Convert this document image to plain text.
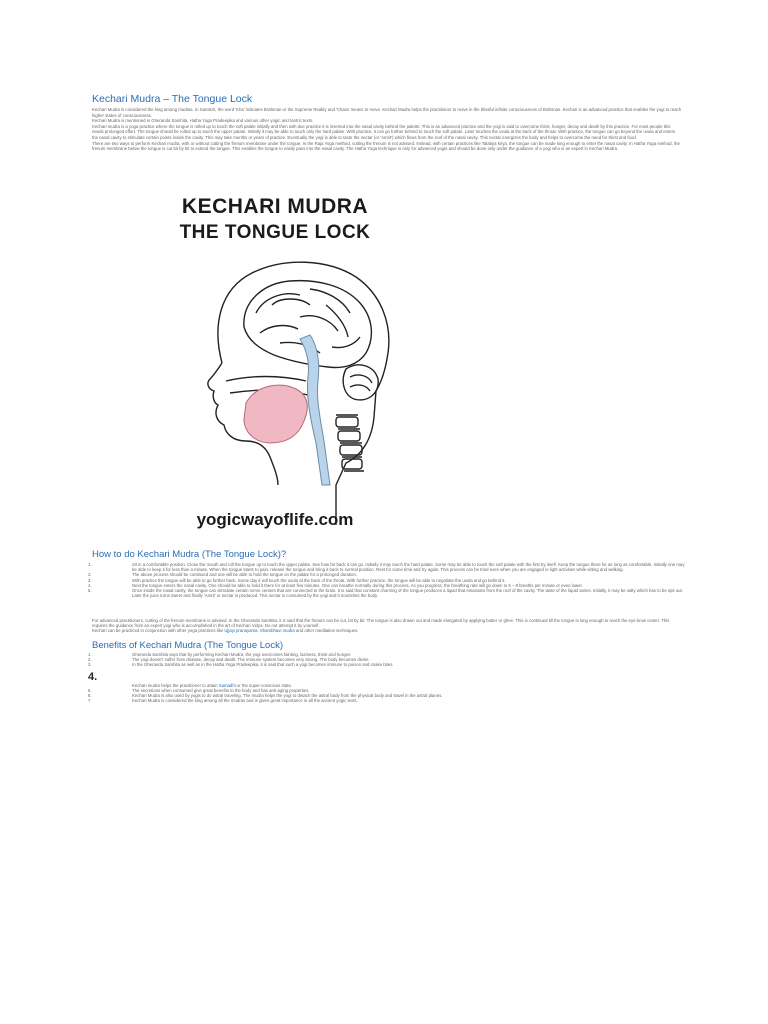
Kechari Mudra – The Tongue Lock

Kechari Mudra is considered the king among mudras. In Sanskrit, the word 'Kha' indicates Brahman or the Supreme Reality and 'Chara' means to move. Kechari Mudra helps the practitioner to move in the blissful infinite consciousness of Brahman. Kechari is an advanced practice that enables the yogi to reach higher states of consciousness.

Kechari Mudra is mentioned in Gheranda Samhita, Hatha Yoga Pradeepika and various other yogic and tantric texts.

Kechari mudra is a yoga practice where the tongue is rolled up to touch the soft palate initially and then with due practice it is inserted into the nasal cavity behind the palette. This is an advanced practice and the yogi is said to overcome thirst, hunger, decay and death by this practice. For most people this needs prolonged effort. The tongue should be rolled up to touch the upper palate. Initially it may be able to touch only the hard palate. With practice, it can go further behind to touch the soft palate. Later touches the uvula at the back of the throat. With practice, the tongue can go beyond the uvula and enters the nasal cavity to stimulate certain points inside the cavity. This may take months or years of practice. Eventually the yogi is able to taste the nectar (or 'Amrit') which flows from the roof of the nasal cavity. This nectar energizes the body and helps to overcome the need for thirst and food.

There are two ways to perform Kechari mudra, with or without cutting the frenum membrane under the tongue. In the Raja Yoga method, cutting the frenum is not advised. Instead, with certain practices like Talabya kriya, the tongue can be made long enough to enter the nasal cavity. In Hatha Yoga method, the frenum membrane below the tongue is cut bit by bit to extend the tongue. This enables the tongue to easily pass into the nasal cavity. The Hatha Yoga technique is only for advanced yogis and should be done only under the guidance of a yogi who is an expert in Kechari Mudra.

KECHARI MUDRA
THE TONGUE LOCK
yogicwayoflife.com
How to do Kechari Mudra (The Tongue Lock)?
1.	Sit in a comfortable position. Close the mouth and roll the tongue up to touch the upper palate. See how far back it can go. Initially it may touch the hard palate. Some may be able to touch the soft palate with the first try itself. Keep the tongue there for as long as comfortable. Initially one may be able to keep it for less than a minute. When the tongue starts to pain, release the tongue and bring it back to normal position. Rest for some time and try again. This process can be tried even when you are engaged in light activities while sitting and walking.
2.	The above process should be continued and one will be able to hold the tongue on the palate for a prolonged duration.
3.	With practice the tongue will be able to go further back. Some day it will touch the uvula at the back of the throat. With further practice, the tongue will be able to negotiate the uvula and go behind it.
4.	Next the tongue enters the nasal cavity. One should be able to hold it there for at least few minutes. One can breathe normally during this process. As you progress, the breathing rate will go down to 5 – 8 breaths per minute or even lower.
5.	Once inside the nasal cavity, the tongue can stimulate certain nerve centers that are connected to the brain. It is said that constant churning of the tongue produces a liquid that emanates from the roof of the cavity. The taste of the liquid varies. Initially, it may be salty which has to be spit out. Later the juice turns sweet and finally 'Amrit' or nectar is produced. This nectar is consumed by the yogi and it nourishes the body.

For advanced practitioners, cutting of the frenum membrane is advised. In the Gheranda Samhita, it is said that the frenum can be cut, bit by bit. The tongue is also drawn out and made elongated by applying butter or ghee. This is continued till the tongue is long enough to reach the eye brow center. This requires the guidance from an expert yogi who is accomplished in the art of Kechari Vidya. Do not attempt it by yourself.

Kechari can be practiced in conjunction with other yoga practices like Ujjayi pranayama, Shambhavi mudra and other meditation techniques.

Benefits of Kechari Mudra (The Tongue Lock)
1.	Gheranda Samhita says that by performing Kechari Mudra, the yogi overcomes fainting, laziness, thirst and hunger.
2.	The yogi doesn't suffer from disease, decay and death. The immune system becomes very strong. The body becomes divine.
3.	In the Gheranda Samhita as well as in the Hatha Yoga Pradeepika, it is said that such a yogi becomes immune to poison and snake bites.
4.
Kechari mudra helps the practitioner to attain Samadhi or the super-conscious state.
5.	The secretions when consumed give great benefits to the body and has anti-aging properties.
6.	Kechari Mudra is also used by yogis to do astral traveling. The mudra helps the yogi to detach the astral body from the physical body and travel in the astral planes.
7.	Kechari Mudra is considered the king among all the mudras and is given great importance in all the ancient yogic texts.
